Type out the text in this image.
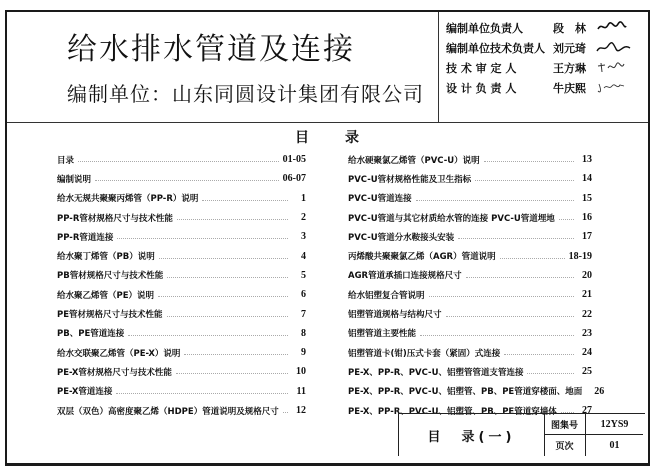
给水排水管道及连接
编制单位：山东同圆设计集团有限公司
编制单位负责人	段　林
编制单位技术负责人 刘元琦
技 术 审 定 人	王方琳
设 计 负 责 人	牛庆熙
目录
目录	01-05
编制说明	06-07
给水无规共聚聚丙烯管（PP-R）说明	1
PP-R管材规格尺寸与技术性能	2
PP-R管道连接	3
给水聚丁烯管（PB）说明	4
PB管材规格尺寸与技术性能	5
给水聚乙烯管（PE）说明	6
PE管材规格尺寸与技术性能	7
PB、PE管道连接	8
给水交联聚乙烯管（PE-X）说明	9
PE-X管材规格尺寸与技术性能	10
PE-X管道连接	11
双层（双色）高密度聚乙烯（HDPE）管道说明及规格尺寸	12
给水硬聚氯乙烯管（PVC-U）说明	13
PVC-U管材规格性能及卫生指标	14
PVC-U管道连接	15
PVC-U管道与其它材质给水管的连接 PVC-U管道埋地	16
PVC-U管道分水鞍接头安装	17
丙烯酸共聚聚氯乙烯（AGR）管道说明	18-19
AGR管道承插口连接规格尺寸	20
给水铝塑复合管说明	21
铝塑管道规格与结构尺寸	22
铝塑管道主要性能	23
铝塑管道卡(钳)压式卡套（紧固）式连接	24
PE-X、PP-R、PVC-U、铝塑管管道支管连接	25
PE-X、PP-R、PVC-U、铝塑管、PB、PE管道穿楼面、地面	26
PE-X、PP-R、PVC-U、铝塑管、PB、PE管道穿墙体	27
目　录(一)
图集号	12YS9
页次	01
